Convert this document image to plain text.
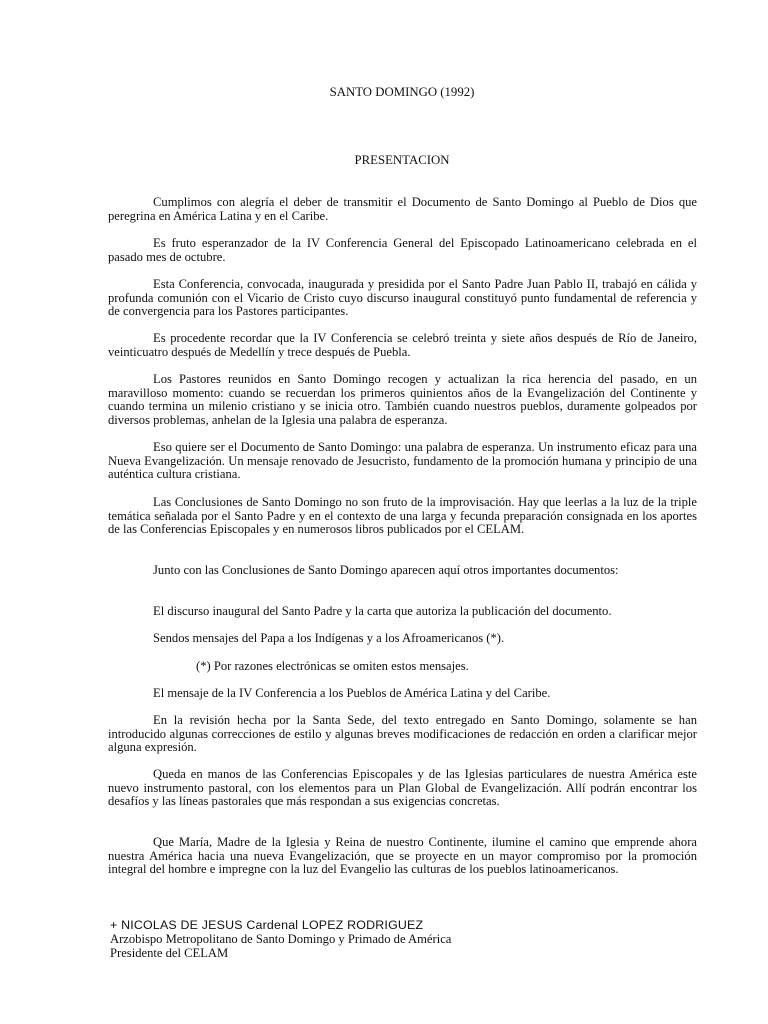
SANTO DOMINGO (1992)
PRESENTACION

Cumplimos con alegría el deber de transmitir el Documento de Santo Domingo al Pueblo de Dios que peregrina en América Latina y en el Caribe.

Es fruto esperanzador de la IV Conferencia General del Episcopado Latinoamericano celebrada en el pasado mes de octubre.

Esta Conferencia, convocada, inaugurada y presidida por el Santo Padre Juan Pablo II, trabajó en cálida y profunda comunión con el Vicario de Cristo cuyo discurso inaugural constituyó punto fundamental de referencia y de convergencia para los Pastores participantes.

Es procedente recordar que la IV Conferencia se celebró treinta y siete años después de Río de Janeiro, veinticuatro después de Medellín y trece después de Puebla.

Los Pastores reunidos en Santo Domingo recogen y actualizan la rica herencia del pasado, en un maravilloso momento: cuando se recuerdan los primeros quinientos años de la Evangelización del Continente y cuando termina un milenio cristiano y se inicia otro. También cuando nuestros pueblos, duramente golpeados por diversos problemas, anhelan de la Iglesia una palabra de esperanza.

Eso quiere ser el Documento de Santo Domingo: una palabra de esperanza. Un instrumento eficaz para una Nueva Evangelización. Un mensaje renovado de Jesucristo, fundamento de la promoción humana y principio de una auténtica cultura cristiana.

Las Conclusiones de Santo Domingo no son fruto de la improvisación. Hay que leerlas a la luz de la triple temática señalada por el Santo Padre y en el contexto de una larga y fecunda preparación consignada en los aportes de las Conferencias Episcopales y en numerosos libros publicados por el CELAM.

Junto con las Conclusiones de Santo Domingo aparecen aquí otros importantes documentos:

El discurso inaugural del Santo Padre y la carta que autoriza la publicación del documento.

Sendos mensajes del Papa a los Indígenas y a los Afroamericanos (*).

(*) Por razones electrónicas se omiten estos mensajes.

El mensaje de la IV Conferencia a los Pueblos de América Latina y del Caribe.

En la revisión hecha por la Santa Sede, del texto entregado en Santo Domingo, solamente se han introducido algunas correcciones de estilo y algunas breves modificaciones de redacción en orden a clarificar mejor alguna expresión.

Queda en manos de las Conferencias Episcopales y de las Iglesias particulares de nuestra América este nuevo instrumento pastoral, con los elementos para un Plan Global de Evangelización. Allí podrán encontrar los desafíos y las líneas pastorales que más respondan a sus exigencias concretas.

Que María, Madre de la Iglesia y Reina de nuestro Continente, ilumine el camino que emprende ahora nuestra América hacia una nueva Evangelización, que se proyecte en un mayor compromiso por la promoción integral del hombre e impregne con la luz del Evangelio las culturas de los pueblos latinoamericanos.

+ NICOLAS DE JESUS Cardenal LOPEZ RODRIGUEZ

Arzobispo Metropolitano de Santo Domingo y Primado de América

Presidente del CELAM
